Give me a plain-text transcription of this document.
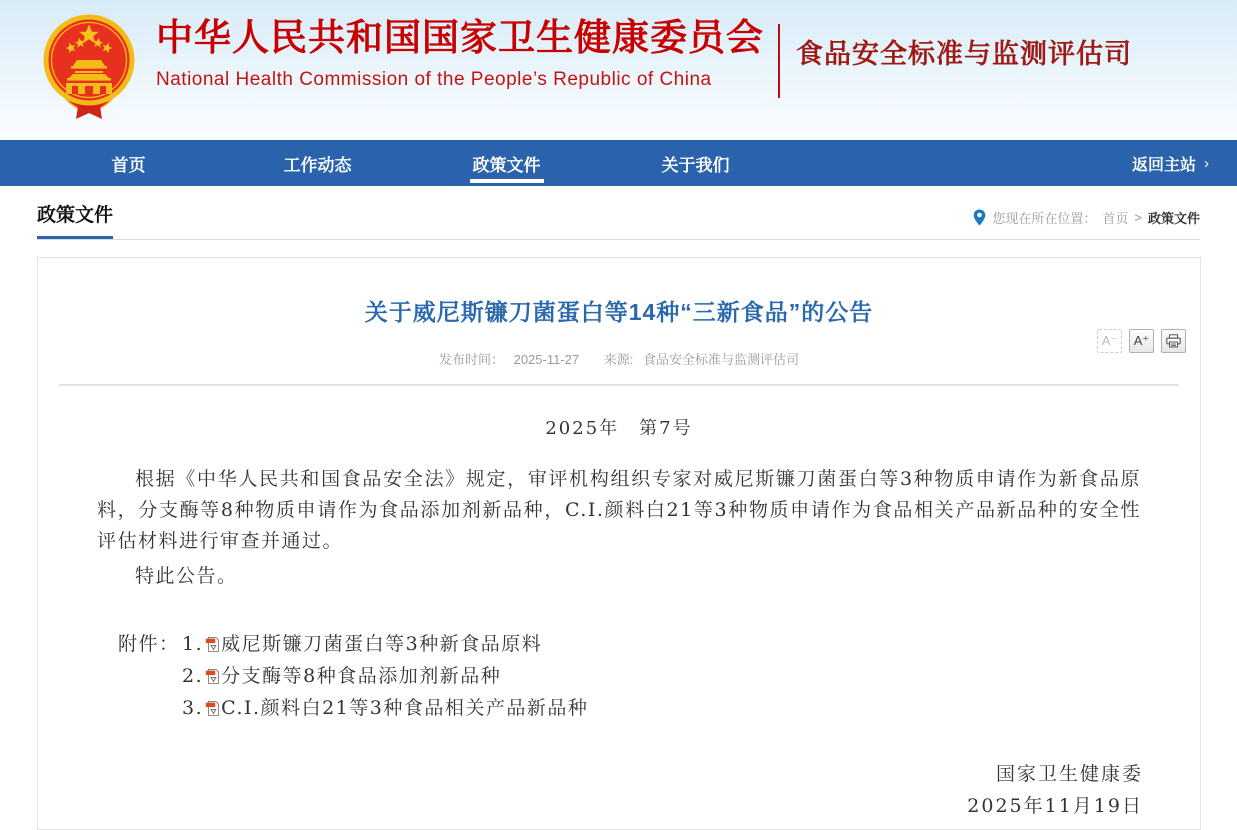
中华人民共和国国家卫生健康委员会
National Health Commission of the People’s Republic of China
食品安全标准与监测评估司
首页	工作动态	政策文件	关于我们	返回主站 ›
政策文件	您现在所在位置： 首页 > 政策文件
关于威尼斯镰刀菌蛋白等14种“三新食品”的公告
发布时间： 2025-11-27 来源: 食品安全标准与监测评估司
A⁻	A⁺
2025年　第7号

根据《中华人民共和国食品安全法》规定，审评机构组织专家对威尼斯镰刀菌蛋白等3种物质申请作为新食品原料，分支酶等8种物质申请作为食品添加剂新品种，C.I.颜料白21等3种物质申请作为食品相关产品新品种的安全性评估材料进行审查并通过。

特此公告。

附件： 1. 威尼斯镰刀菌蛋白等3种新食品原料
2. 分支酶等8种食品添加剂新品种
3. C.I.颜料白21等3种食品相关产品新品种
国家卫生健康委
2025年11月19日
